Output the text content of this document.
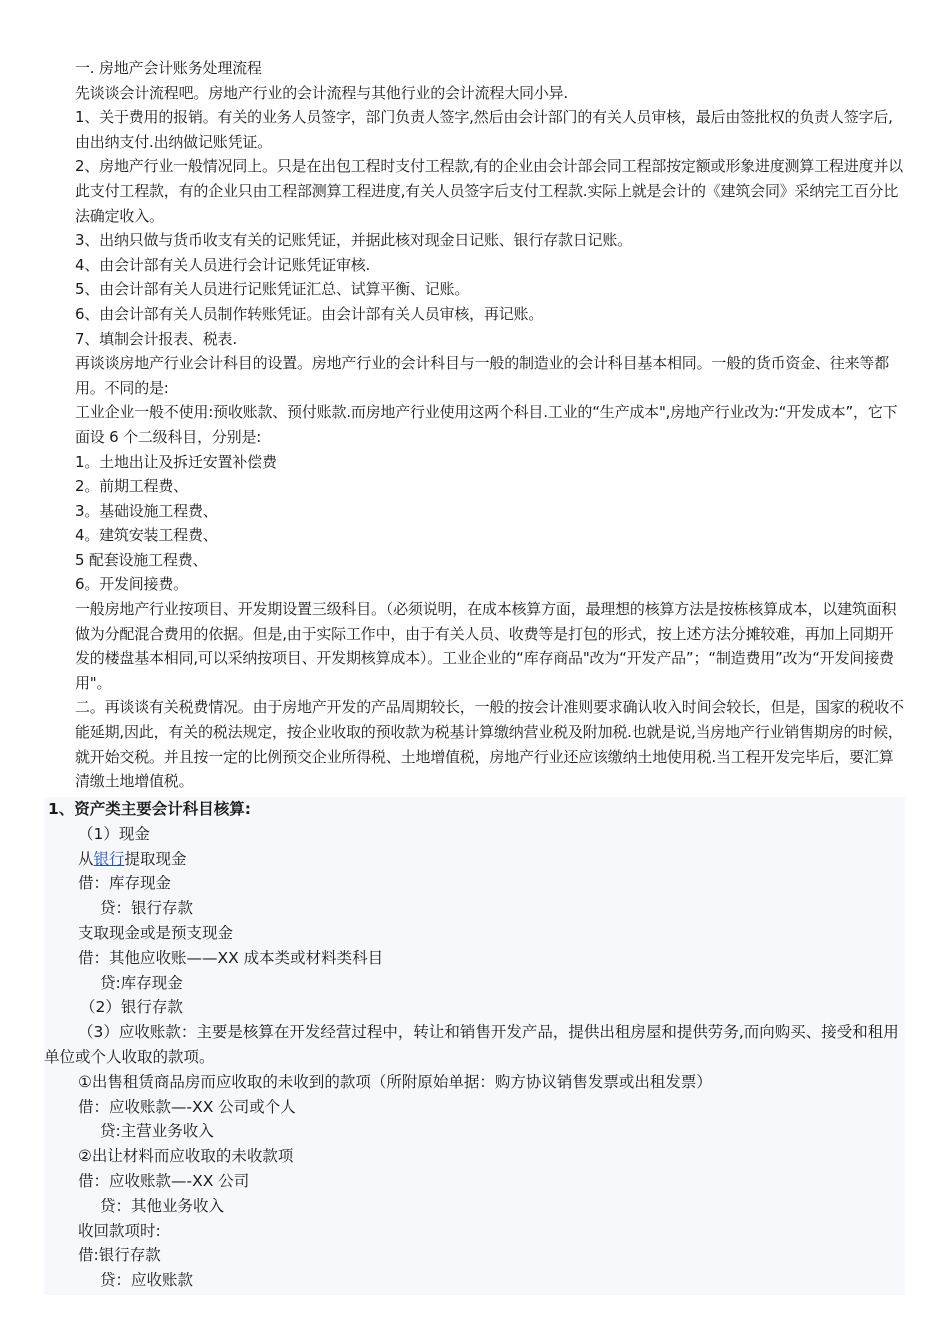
一. 房地产会计账务处理流程

先谈谈会计流程吧。房地产行业的会计流程与其他行业的会计流程大同小异.

1、关于费用的报销。有关的业务人员签字，部门负责人签字,然后由会计部门的有关人员审核，最后由签批权的负责人签字后,由出纳支付.出纳做记账凭证。

2、房地产行业一般情况同上。只是在出包工程时支付工程款,有的企业由会计部会同工程部按定额或形象进度测算工程进度并以此支付工程款，有的企业只由工程部测算工程进度,有关人员签字后支付工程款.实际上就是会计的《建筑会同》采纳完工百分比法确定收入。

3、出纳只做与货币收支有关的记账凭证，并据此核对现金日记账、银行存款日记账。

4、由会计部有关人员进行会计记账凭证审核.

5、由会计部有关人员进行记账凭证汇总、试算平衡、记账。

6、由会计部有关人员制作转账凭证。由会计部有关人员审核，再记账。

7、填制会计报表、税表.

再谈谈房地产行业会计科目的设置。房地产行业的会计科目与一般的制造业的会计科目基本相同。一般的货币资金、往来等都用。不同的是:

工业企业一般不使用:预收账款、预付账款.而房地产行业使用这两个科目.工业的“生产成本",房地产行业改为:“开发成本”，它下面设 6 个二级科目，分别是:

1。土地出让及拆迁安置补偿费

2。前期工程费、

3。基础设施工程费、

4。建筑安装工程费、

5 配套设施工程费、

6。开发间接费。

一般房地产行业按项目、开发期设置三级科目。（必须说明，在成本核算方面，最理想的核算方法是按栋核算成本，以建筑面积做为分配混合费用的依据。但是,由于实际工作中，由于有关人员、收费等是打包的形式，按上述方法分摊较难，再加上同期开发的楼盘基本相同,可以采纳按项目、开发期核算成本）。工业企业的“库存商品"改为“开发产品”；“制造费用”改为“开发间接费用"。

二。再谈谈有关税费情况。由于房地产开发的产品周期较长，一般的按会计准则要求确认收入时间会较长，但是，国家的税收不能延期,因此，有关的税法规定，按企业收取的预收款为税基计算缴纳营业税及附加税.也就是说,当房地产行业销售期房的时候，就开始交税。并且按一定的比例预交企业所得税、土地增值税，房地产行业还应该缴纳土地使用税.当工程开发完毕后，要汇算清缴土地增值税。

1、资产类主要会计科目核算:

（1）现金

从银行提取现金

借：库存现金

贷：银行存款

支取现金或是预支现金

借：其他应收账——XX 成本类或材料类科目

贷:库存现金

（2）银行存款

（3）应收账款：主要是核算在开发经营过程中，转让和销售开发产品，提供出租房屋和提供劳务,而向购买、接受和租用单位或个人收取的款项。

①出售租赁商品房而应收取的未收到的款项（所附原始单据：购方协议销售发票或出租发票）

借：应收账款—-XX 公司或个人

贷:主营业务收入

②出让材料而应收取的未收款项

借：应收账款—-XX 公司

贷：其他业务收入

收回款项时:

借:银行存款

贷：应收账款
